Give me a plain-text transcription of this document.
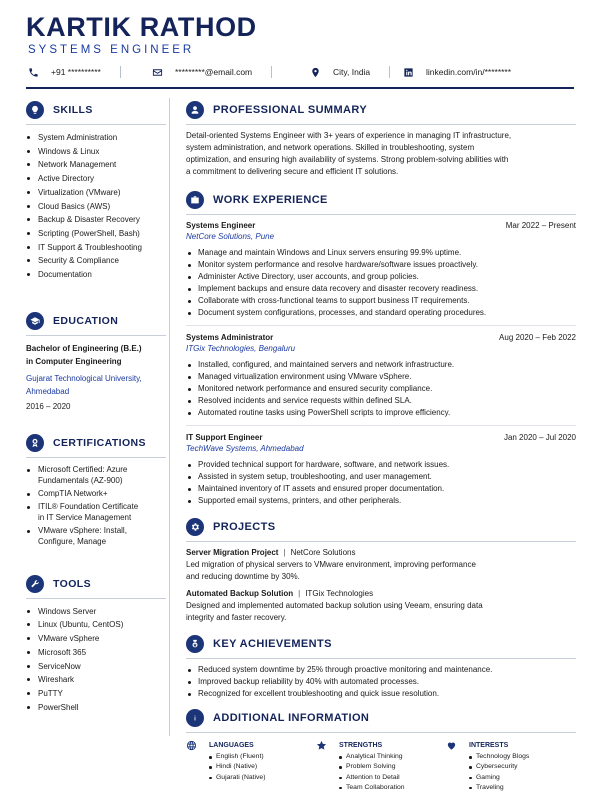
KARTIK RATHOD
SYSTEMS ENGINEER
+91 **********	*********@email.com	City, India	linkedin.com/in/********
SKILLS
System Administration
Windows & Linux
Network Management
Active Directory
Virtualization (VMware)
Cloud Basics (AWS)
Backup & Disaster Recovery
Scripting (PowerShell, Bash)
IT Support & Troubleshooting
Security & Compliance
Documentation
EDUCATION
Bachelor of Engineering (B.E.)
in Computer Engineering
Gujarat Technological University,
Ahmedabad
2016 – 2020
CERTIFICATIONS
Microsoft Certified: Azure
Fundamentals (AZ-900)
CompTIA Network+
ITIL® Foundation Certificate
in IT Service Management
VMware vSphere: Install,
Configure, Manage
TOOLS
Windows Server
Linux (Ubuntu, CentOS)
VMware vSphere
Microsoft 365
ServiceNow
Wireshark
PuTTY
PowerShell
PROFESSIONAL SUMMARY
Detail-oriented Systems Engineer with 3+ years of experience in managing IT infrastructure,
system administration, and network operations. Skilled in troubleshooting, system
optimization, and ensuring high availability of systems. Strong problem-solving abilities with
a commitment to delivering secure and efficient IT solutions.
WORK EXPERIENCE
Systems Engineer	Mar 2022 – Present
NetCore Solutions, Pune
Manage and maintain Windows and Linux servers ensuring 99.9% uptime.
Monitor system performance and resolve hardware/software issues proactively.
Administer Active Directory, user accounts, and group policies.
Implement backups and ensure data recovery and disaster recovery readiness.
Collaborate with cross-functional teams to support business IT requirements.
Document system configurations, processes, and standard operating procedures.
Systems Administrator	Aug 2020 – Feb 2022
ITGix Technologies, Bengaluru
Installed, configured, and maintained servers and network infrastructure.
Managed virtualization environment using VMware vSphere.
Monitored network performance and ensured security compliance.
Resolved incidents and service requests within defined SLA.
Automated routine tasks using PowerShell scripts to improve efficiency.
IT Support Engineer	Jan 2020 – Jul 2020
TechWave Systems, Ahmedabad
Provided technical support for hardware, software, and network issues.
Assisted in system setup, troubleshooting, and user management.
Maintained inventory of IT assets and ensured proper documentation.
Supported email systems, printers, and other peripherals.
PROJECTS
Server Migration Project | NetCore Solutions
Led migration of physical servers to VMware environment, improving performance
and reducing downtime by 30%.
Automated Backup Solution | ITGix Technologies
Designed and implemented automated backup solution using Veeam, ensuring data
integrity and faster recovery.
KEY ACHIEVEMENTS
Reduced system downtime by 25% through proactive monitoring and maintenance.
Improved backup reliability by 40% with automated processes.
Recognized for excellent troubleshooting and quick issue resolution.
ADDITIONAL INFORMATION
LANGUAGES
English (Fluent)
Hindi (Native)
Gujarati (Native)
STRENGTHS
Analytical Thinking
Problem Solving
Attention to Detail
Team Collaboration
INTERESTS
Technology Blogs
Cybersecurity
Gaming
Traveling
